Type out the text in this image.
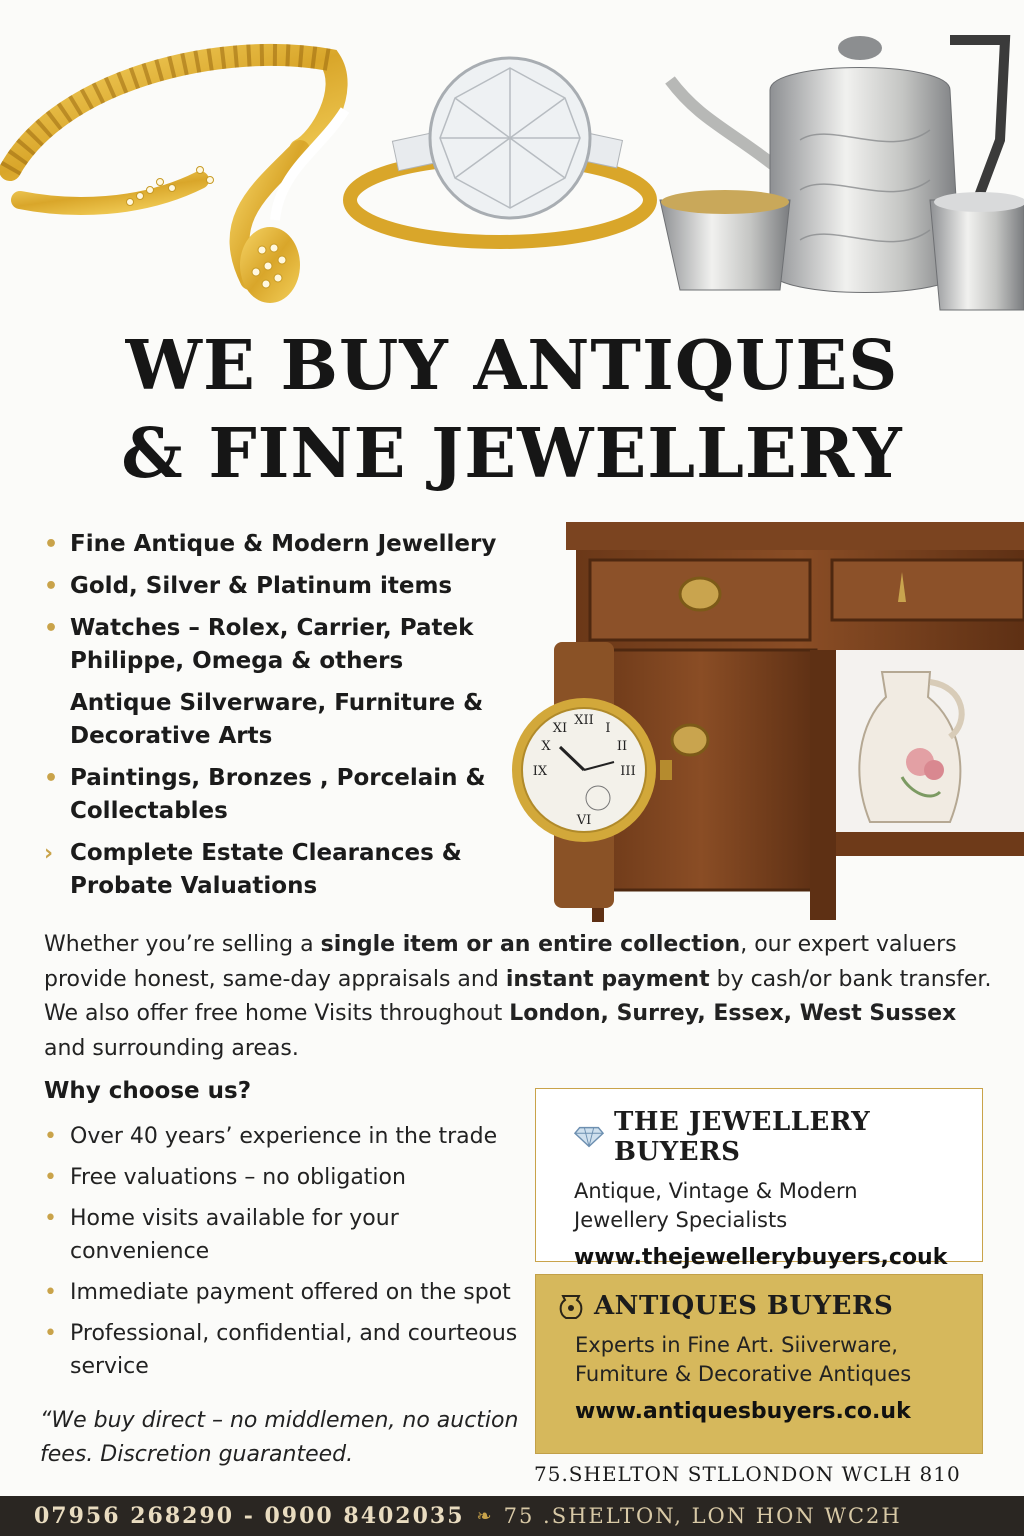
WE BUY ANTIQUES
& FINE JEWELLERY
• Fine Antique & Modern Jewellery
• Gold, Silver & Platinum items
• Watches – Rolex, Carrier, Patek Philippe, Omega & others
Antique Silverware, Furniture & Decorative Arts
• Paintings, Bronzes , Porcelain & Collectables
› Complete Estate Clearances & Probate Valuations
XII
III
VI
IX
I
II
XI
X

Whether you’re selling a single item or an entire collection, our expert valuers provide honest, same-day appraisals and instant payment by cash/or bank transfer. We also offer free home Visits throughout London, Surrey, Essex, West Sussex and surrounding areas.

Why choose us?
• Over 40 years’ experience in the trade
• Free valuations – no obligation
• Home visits available for your convenience
• Immediate payment offered on the spot
• Professional, confidential, and courteous service

“We buy direct – no middlemen, no auction fees. Discretion guaranteed.

THE JEWELLERY BUYERS
Antique, Vintage & Modern
Jewellery Specialists
www.thejewellerybuyers,couk
ANTIQUES BUYERS
Experts in Fine Art. Siiverware,
Fumiture & Decorative Antiques
www.antiquesbuyers.co.uk
75.SHELTON STLLONDON WCLH 810
07956 268290 - 0900 8402035 ❧ 75 .SHELTON, LON HON WC2H
